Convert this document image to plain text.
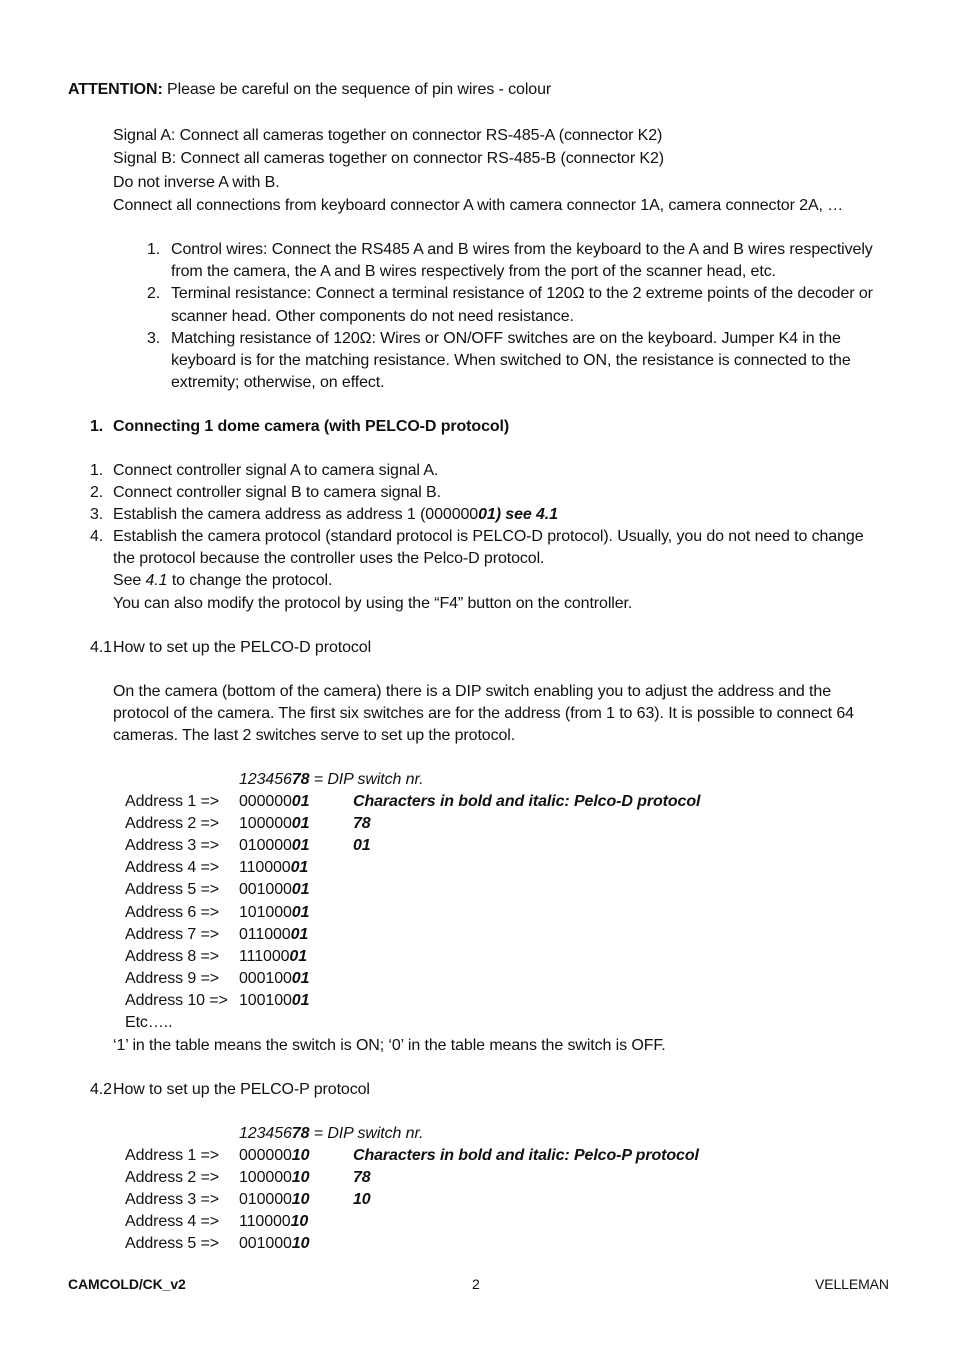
ATTENTION: Please be careful on the sequence of pin wires - colour
Signal A: Connect all cameras together on connector RS-485-A (connector K2)
Signal B: Connect all cameras together on connector RS-485-B (connector K2)
Do not inverse A with B.
Connect all connections from keyboard connector A with camera connector 1A, camera connector 2A, …
1. Control wires: Connect the RS485 A and B wires from the keyboard to the A and B wires respectively
from the camera, the A and B wires respectively from the port of the scanner head, etc.
2. Terminal resistance: Connect a terminal resistance of 120Ω to the 2 extreme points of the decoder or
scanner head. Other components do not need resistance.
3. Matching resistance of 120Ω: Wires or ON/OFF switches are on the keyboard. Jumper K4 in the
keyboard is for the matching resistance. When switched to ON, the resistance is connected to the
extremity; otherwise, on effect.
1. Connecting 1 dome camera (with PELCO-D protocol)
1. Connect controller signal A to camera signal A.
2. Connect controller signal B to camera signal B.
3. Establish the camera address as address 1 (00000001) see 4.1
4. Establish the camera protocol (standard protocol is PELCO-D protocol). Usually, you do not need to change
the protocol because the controller uses the Pelco-D protocol.
See 4.1 to change the protocol.
You can also modify the protocol by using the “F4” button on the controller.
4.1 How to set up the PELCO-D protocol
On the camera (bottom of the camera) there is a DIP switch enabling you to adjust the address and the
protocol of the camera. The first six switches are for the address (from 1 to 63). It is possible to connect 64
cameras. The last 2 switches serve to set up the protocol.
12345678 = DIP switch nr.
Address 1 => 00000001	Characters in bold and italic: Pelco-D protocol
Address 2 => 10000001	78
Address 3 => 01000001	01
Address 4 => 11000001
Address 5 => 00100001
Address 6 => 10100001
Address 7 => 01100001
Address 8 => 11100001
Address 9 => 00010001
Address 10 => 10010001
Etc…..
‘1’ in the table means the switch is ON; ‘0’ in the table means the switch is OFF.
4.2 How to set up the PELCO-P protocol
12345678 = DIP switch nr.
Address 1 => 00000010	Characters in bold and italic: Pelco-P protocol
Address 2 => 10000010	78
Address 3 => 01000010	10
Address 4 => 11000010
Address 5 => 00100010
CAMCOLD/CK_v2	2	VELLEMAN
